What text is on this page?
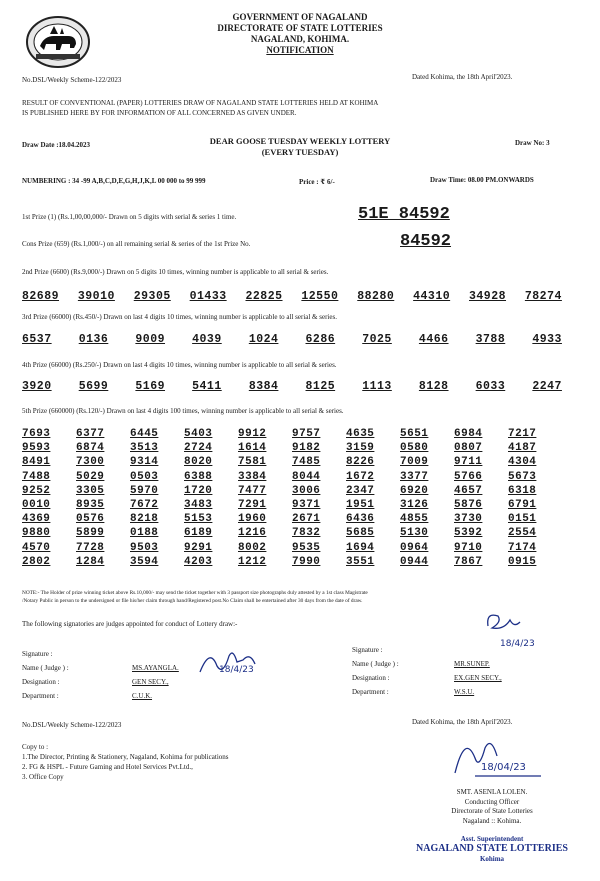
GOVERNMENT OF NAGALAND
DIRECTORATE OF STATE LOTTERIES
NAGALAND, KOHIMA.
NOTIFICATION
No.DSL/Weekly Scheme-122/2023	Dated Kohima, the 18th April'2023.
RESULT OF CONVENTIONAL (PAPER) LOTTERIES DRAW OF NAGALAND STATE LOTTERIES HELD AT KOHIMA
IS PUBLISHED HERE BY FOR INFORMATION OF ALL CONCERNED AS GIVEN UNDER.
Draw Date :18.04.2023	DEAR GOOSE TUESDAY WEEKLY LOTTERY
(EVERY TUESDAY)
Draw No: 3
NUMBERING : 34 -99 A,B,C,D,E,G,H,J,K,L 00 000 to 99 999	Price : ₹ 6/-	Draw Time: 08.00 PM.ONWARDS
1st Prize (1) (Rs.1,00,00,000/- Drawn on 5 digits with serial & series 1 time.	51E 84592
Cons Prize (659) (Rs.1,000/-) on all remaining serial & series of the 1st Prize No.	84592
2nd Prize (6600) (Rs.9,000/-) Drawn on 5 digits 10 times, winning number is applicable to all serial & series.
82689 39010 29305 01433 22825 12550 88280 44310 34928 78274
3rd Prize (66000) (Rs.450/-) Drawn on last 4 digits 10 times, winning number is applicable to all serial & series.
6537 0136 9009 4039 1024 6286 7025 4466 3788 4933
4th Prize (66000) (Rs.250/-) Drawn on last 4 digits 10 times, winning number is applicable to all serial & series.
3920 5699 5169 5411 8384 8125 1113 8128 6033 2247
5th Prize (660000) (Rs.120/-) Drawn on last 4 digits 100 times, winning number is applicable to all serial & series.
7693	6377	6445	5403	9912	9757	4635	5651	6984	7217
9593	6874	3513	2724	1614	9182	3159	0580	0807	4187
8491	7300	9314	8020	7581	7485	8226	7009	9711	4304
7488	5029	0503	6388	3384	8044	1672	3377	5766	5673
9252	3305	5970	1720	7477	3006	2347	6920	4657	6318
0010	8935	7672	3483	7291	9371	1951	3126	5876	6791
4369	0576	8218	5153	1960	2671	6436	4855	3730	0151
9880	5899	0188	6189	1216	7832	5685	5130	5392	2554
4570	7728	9503	9291	8002	9535	1694	0964	9710	7174
2802	1284	3594	4203	1212	7990	3551	0944	7867	0915
NOTE:- The Holder of prize winning ticket above Rs.10,000/- may send the ticket together with 3 passport size photographs duly attested by a 1st class Magistrate
/Notary Public in person to the undersigned or file his/her claim through hand/Registered post.No Claim shall be entertained after 30 days from the date of draw.
The following signatories are judges appointed for conduct of Lottery draw:-
Signature :	
Name ( Judge ) :	MS.AYANGLA.
Designation :	GEN SECY.,
Department :	C.U.K.
Signature :	
Name ( Judge ) :	MR.SUNEP.
Designation :	EX.GEN SECY.,
Department :	W.S.U.
18/4/23
18/4/23
No.DSL/Weekly Scheme-122/2023	Dated Kohima, the 18th April'2023.
Copy to :
1.The Director, Printing & Stationery, Nagaland, Kohima for publications
2. FG & HSPL - Future Gaming and Hotel Services Pvt.Ltd.,
3. Office Copy
18/04/23
SMT. ASENLA LOLEN.
Conducting Officer
Directorate of State Lotteries
Nagaland :: Kohima.
Asst. Superintendent
NAGALAND STATE LOTTERIES
Kohima
